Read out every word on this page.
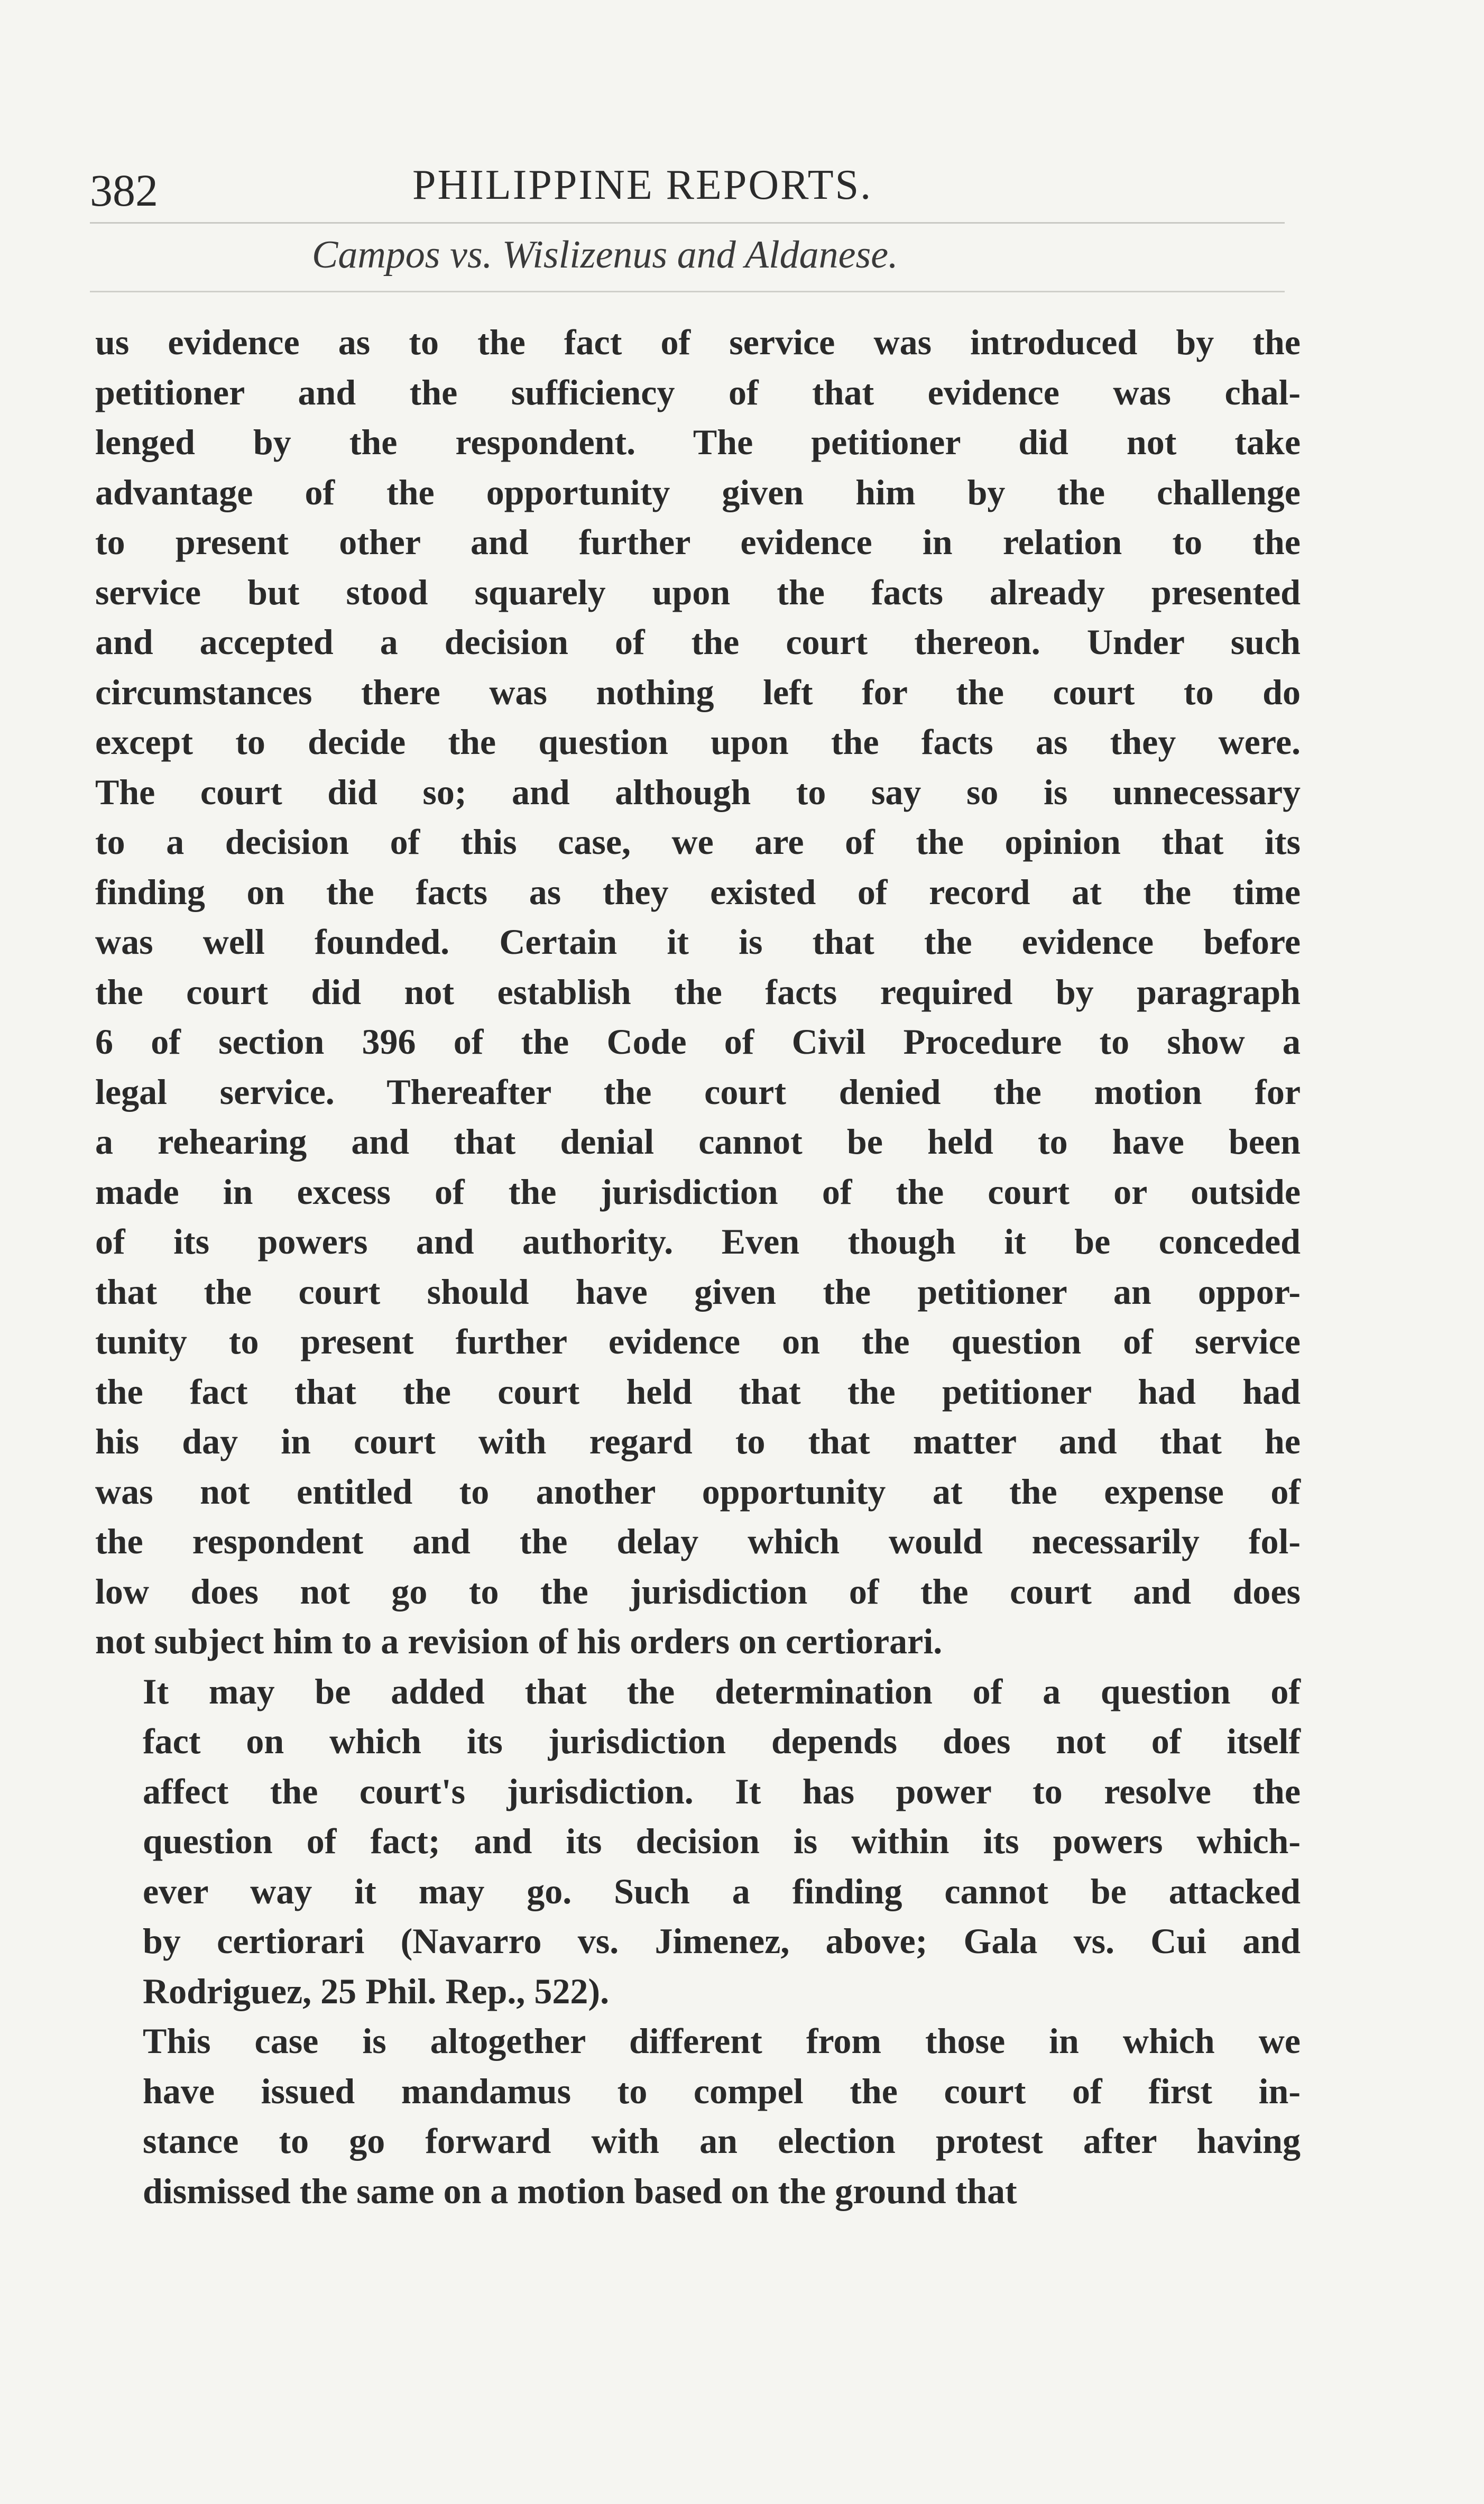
382	PHILIPPINE REPORTS.
Campos vs. Wislizenus and Aldanese.

us evidence as to the fact of service was introduced by the
petitioner and the sufficiency of that evidence was chal-
lenged by the respondent. The petitioner did not take
advantage of the opportunity given him by the challenge
to present other and further evidence in relation to the
service but stood squarely upon the facts already presented
and accepted a decision of the court thereon. Under such
circumstances there was nothing left for the court to do
except to decide the question upon the facts as they were.
The court did so; and although to say so is unnecessary
to a decision of this case, we are of the opinion that its
finding on the facts as they existed of record at the time
was well founded. Certain it is that the evidence before
the court did not establish the facts required by paragraph
6 of section 396 of the Code of Civil Procedure to show a
legal service. Thereafter the court denied the motion for
a rehearing and that denial cannot be held to have been
made in excess of the jurisdiction of the court or outside
of its powers and authority. Even though it be conceded
that the court should have given the petitioner an oppor-
tunity to present further evidence on the question of service
the fact that the court held that the petitioner had had
his day in court with regard to that matter and that he
was not entitled to another opportunity at the expense of
the respondent and the delay which would necessarily fol-
low does not go to the jurisdiction of the court and does
not subject him to a revision of his orders on certiorari.

It may be added that the determination of a question of
fact on which its jurisdiction depends does not of itself
affect the court's jurisdiction. It has power to resolve the
question of fact; and its decision is within its powers which-
ever way it may go. Such a finding cannot be attacked
by certiorari (Navarro vs. Jimenez, above; Gala vs. Cui and
Rodriguez, 25 Phil. Rep., 522).

This case is altogether different from those in which we
have issued mandamus to compel the court of first in-
stance to go forward with an election protest after having
dismissed the same on a motion based on the ground that
